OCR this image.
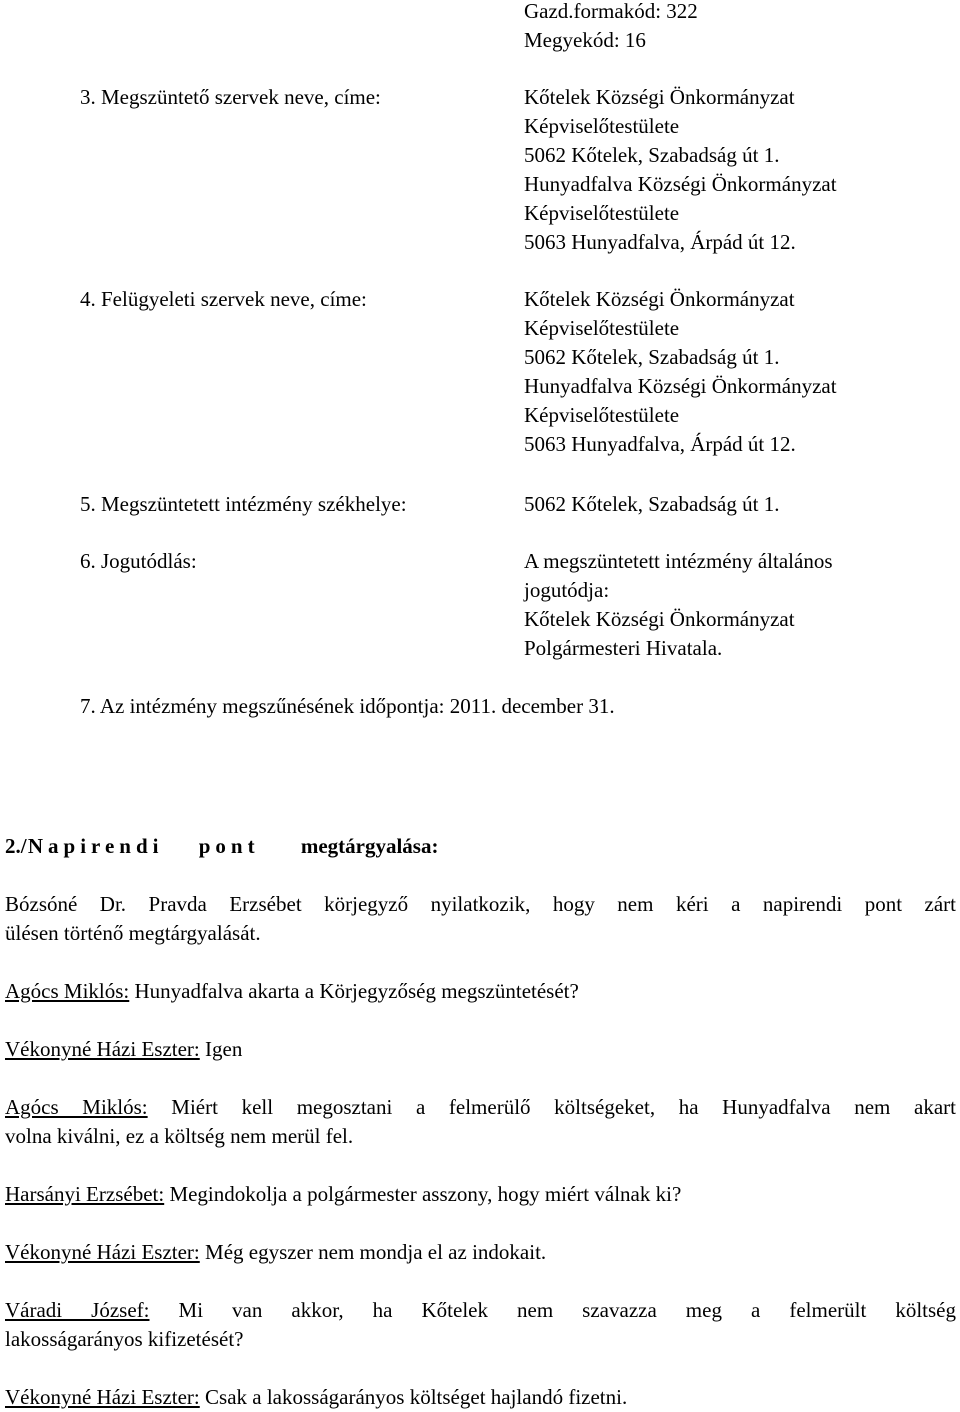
Gazd.formakód: 322
Megyekód: 16
3. Megszüntető szervek neve, címe:	Kőtelek Községi Önkormányzat
Képviselőtestülete
5062 Kőtelek, Szabadság út 1.
Hunyadfalva Községi Önkormányzat
Képviselőtestülete
5063 Hunyadfalva, Árpád út 12.
4. Felügyeleti szervek neve, címe:	Kőtelek Községi Önkormányzat
Képviselőtestülete
5062 Kőtelek, Szabadság út 1.
Hunyadfalva Községi Önkormányzat
Képviselőtestülete
5063 Hunyadfalva, Árpád út 12.
5. Megszüntetett intézmény székhelye:	5062 Kőtelek, Szabadság út 1.
6. Jogutódlás:	A megszüntetett intézmény általános
jogutódja:
Kőtelek Községi Önkormányzat
Polgármesteri Hivatala.
7. Az intézmény megszűnésének időpontja: 2011. december 31.
2./ Napirendi pont megtárgyalása:
Bózsóné Dr. Pravda Erzsébet körjegyző nyilatkozik, hogy nem kéri a napirendi pont zárt
ülésen történő megtárgyalását.
Agócs Miklós: Hunyadfalva akarta a Körjegyzőség megszüntetését?
Vékonyné Házi Eszter: Igen
Agócs Miklós: Miért kell megosztani a felmerülő költségeket, ha Hunyadfalva nem akart
volna kiválni, ez a költség nem merül fel.
Harsányi Erzsébet: Megindokolja a polgármester asszony, hogy miért válnak ki?
Vékonyné Házi Eszter: Még egyszer nem mondja el az indokait.
Váradi József: Mi van akkor, ha Kőtelek nem szavazza meg a felmerült költség
lakosságarányos kifizetését?
Vékonyné Házi Eszter: Csak a lakosságarányos költséget hajlandó fizetni.
